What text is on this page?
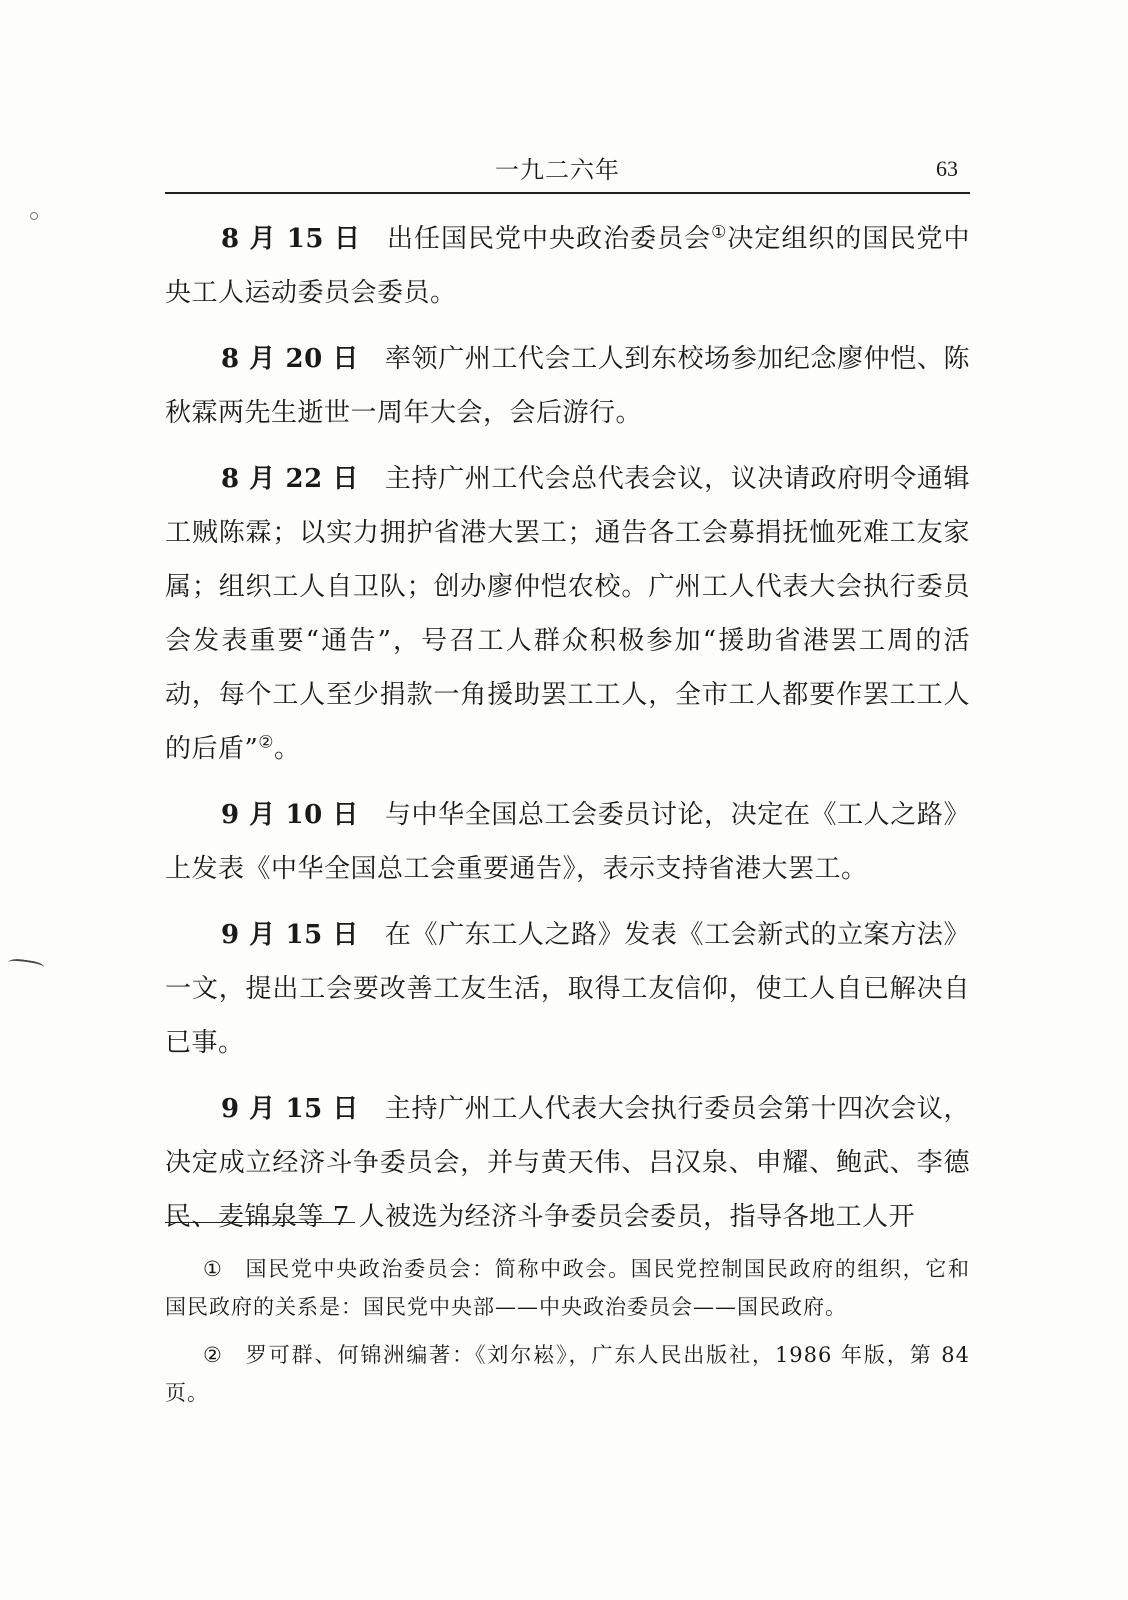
一九二六年	63

8 月 15 日 出任国民党中央政治委员会①决定组织的国民党中央工人运动委员会委员。

8 月 20 日 率领广州工代会工人到东校场参加纪念廖仲恺、陈秋霖两先生逝世一周年大会，会后游行。

8 月 22 日 主持广州工代会总代表会议，议决请政府明令通辑工贼陈霖；以实力拥护省港大罢工；通告各工会募捐抚恤死难工友家属；组织工人自卫队；创办廖仲恺农校。广州工人代表大会执行委员会发表重要“通告”，号召工人群众积极参加“援助省港罢工周的活动，每个工人至少捐款一角援助罢工工人，全市工人都要作罢工工人的后盾”②。

9 月 10 日 与中华全国总工会委员讨论，决定在《工人之路》上发表《中华全国总工会重要通告》，表示支持省港大罢工。

9 月 15 日 在《广东工人之路》发表《工会新式的立案方法》一文，提出工会要改善工友生活，取得工友信仰，使工人自已解决自已事。

9 月 15 日 主持广州工人代表大会执行委员会第十四次会议，决定成立经济斗争委员会，并与黄天伟、吕汉泉、申耀、鲍武、李德民、麦锦泉等 7 人被选为经济斗争委员会委员，指导各地工人开

① 国民党中央政治委员会：简称中政会。国民党控制国民政府的组织，它和国民政府的关系是：国民党中央部——中央政治委员会——国民政府。

② 罗可群、何锦洲编著：《刘尔崧》，广东人民出版社，1986 年版，第 84 页。
